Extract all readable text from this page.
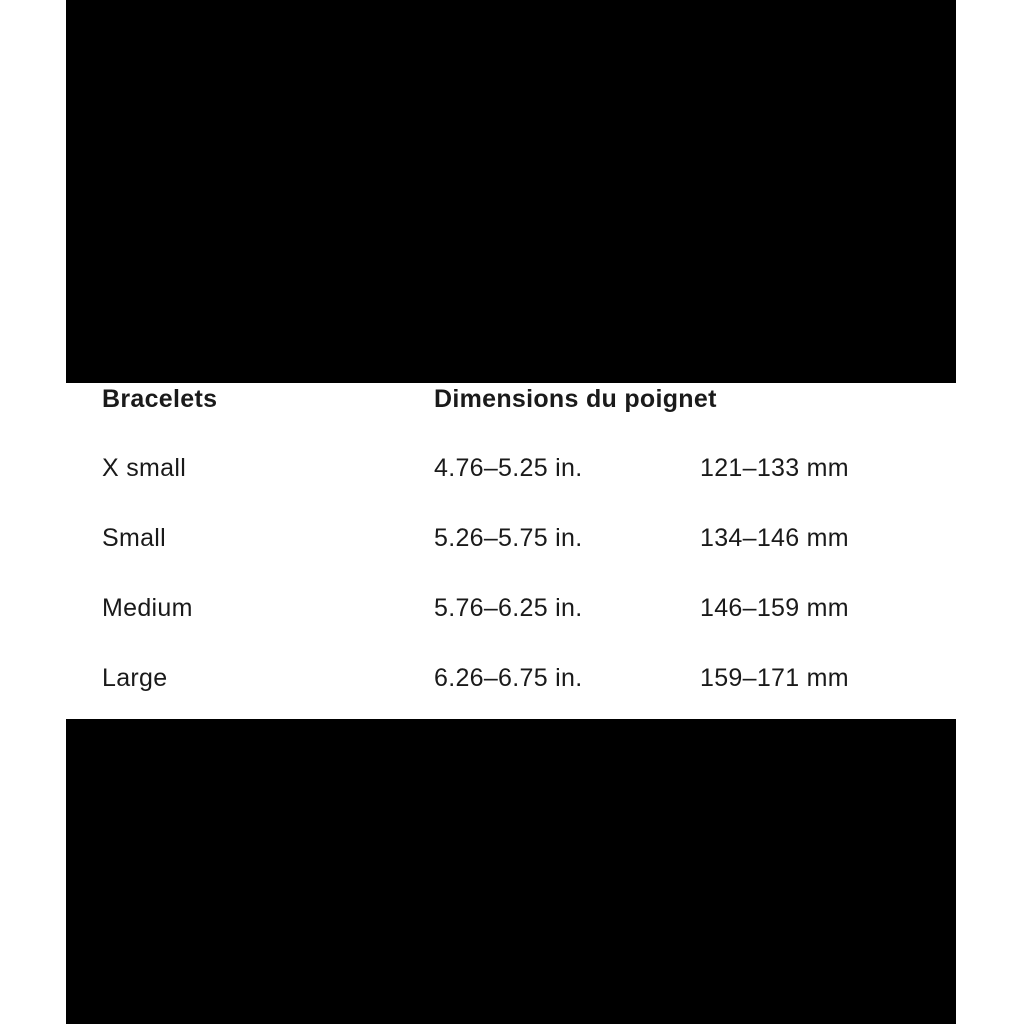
Bracelets	Dimensions du poignet
X small	4.76–5.25 in.	121–133 mm
Small	5.26–5.75 in.	134–146 mm
Medium	5.76–6.25 in.	146–159 mm
Large	6.26–6.75 in.	159–171 mm
